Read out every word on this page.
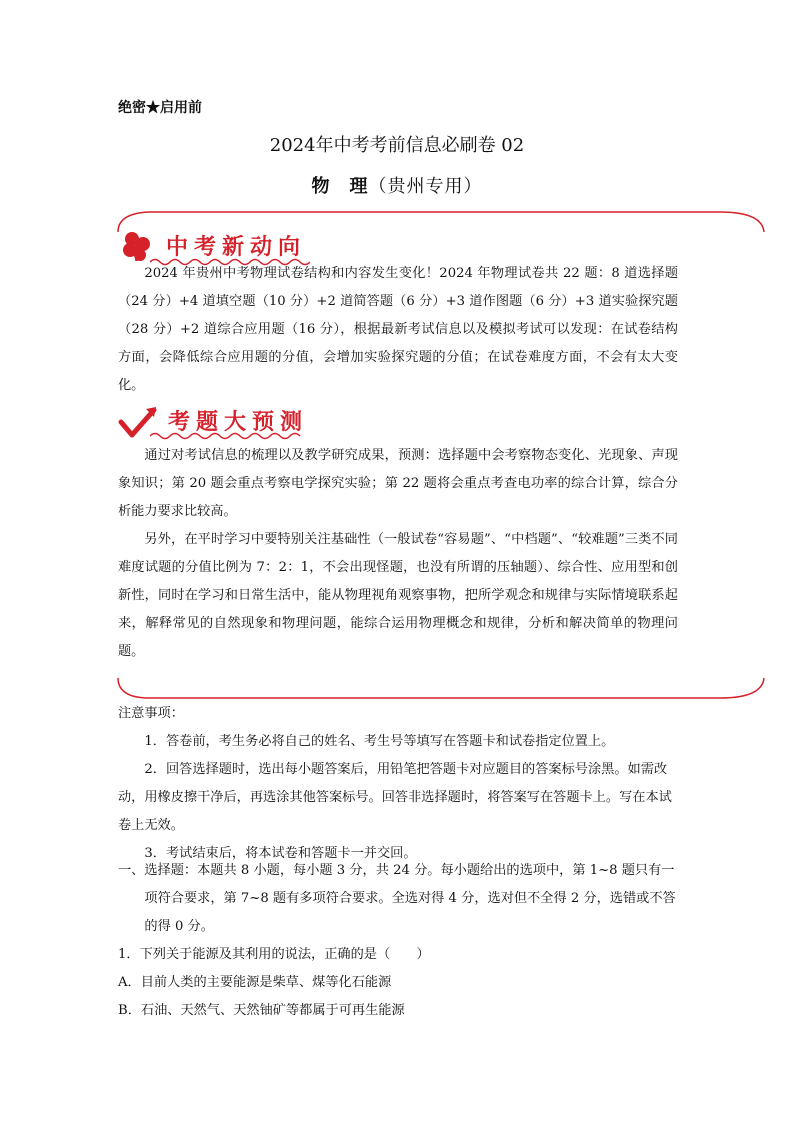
绝密★启用前
2024年中考考前信息必刷卷 02
物　理（贵州专用）
中考新动向

2024 年贵州中考物理试卷结构和内容发生变化！2024 年物理试卷共 22 题：8 道选择题（24 分）+4 道填空题（10 分）+2 道简答题（6 分）+3 道作图题（6 分）+3 道实验探究题（28 分）+2 道综合应用题（16 分），根据最新考试信息以及模拟考试可以发现：在试卷结构方面，会降低综合应用题的分值，会增加实验探究题的分值；在试卷难度方面，不会有太大变化。

考题大预测

通过对考试信息的梳理以及教学研究成果，预测：选择题中会考察物态变化、光现象、声现象知识；第 20 题会重点考察电学探究实验；第 22 题将会重点考查电功率的综合计算，综合分析能力要求比较高。

另外，在平时学习中要特别关注基础性（一般试卷“容易题”、“中档题”、“较难题”三类不同难度试题的分值比例为 7：2：1，不会出现怪题，也没有所谓的压轴题）、综合性、应用型和创新性，同时在学习和日常生活中，能从物理视角观察事物，把所学观念和规律与实际情境联系起来，解释常见的自然现象和物理问题，能综合运用物理概念和规律，分析和解决简单的物理问题。

注意事项：

1．答卷前，考生务必将自己的姓名、考生号等填写在答题卡和试卷指定位置上。

2．回答选择题时，选出每小题答案后，用铅笔把答题卡对应题目的答案标号涂黑。如需改动，用橡皮擦干净后，再选涂其他答案标号。回答非选择题时，将答案写在答题卡上。写在本试卷上无效。

3．考试结束后，将本试卷和答题卡一并交回。

一、选择题：本题共 8 小题，每小题 3 分，共 24 分。每小题给出的选项中，第 1~8 题只有一项符合要求，第 7~8 题有多项符合要求。全选对得 4 分，选对但不全得 2 分，选错或不答的得 0 分。

1．下列关于能源及其利用的说法，正确的是（　　）

A．目前人类的主要能源是柴草、煤等化石能源

B．石油、天然气、天然铀矿等都属于可再生能源
